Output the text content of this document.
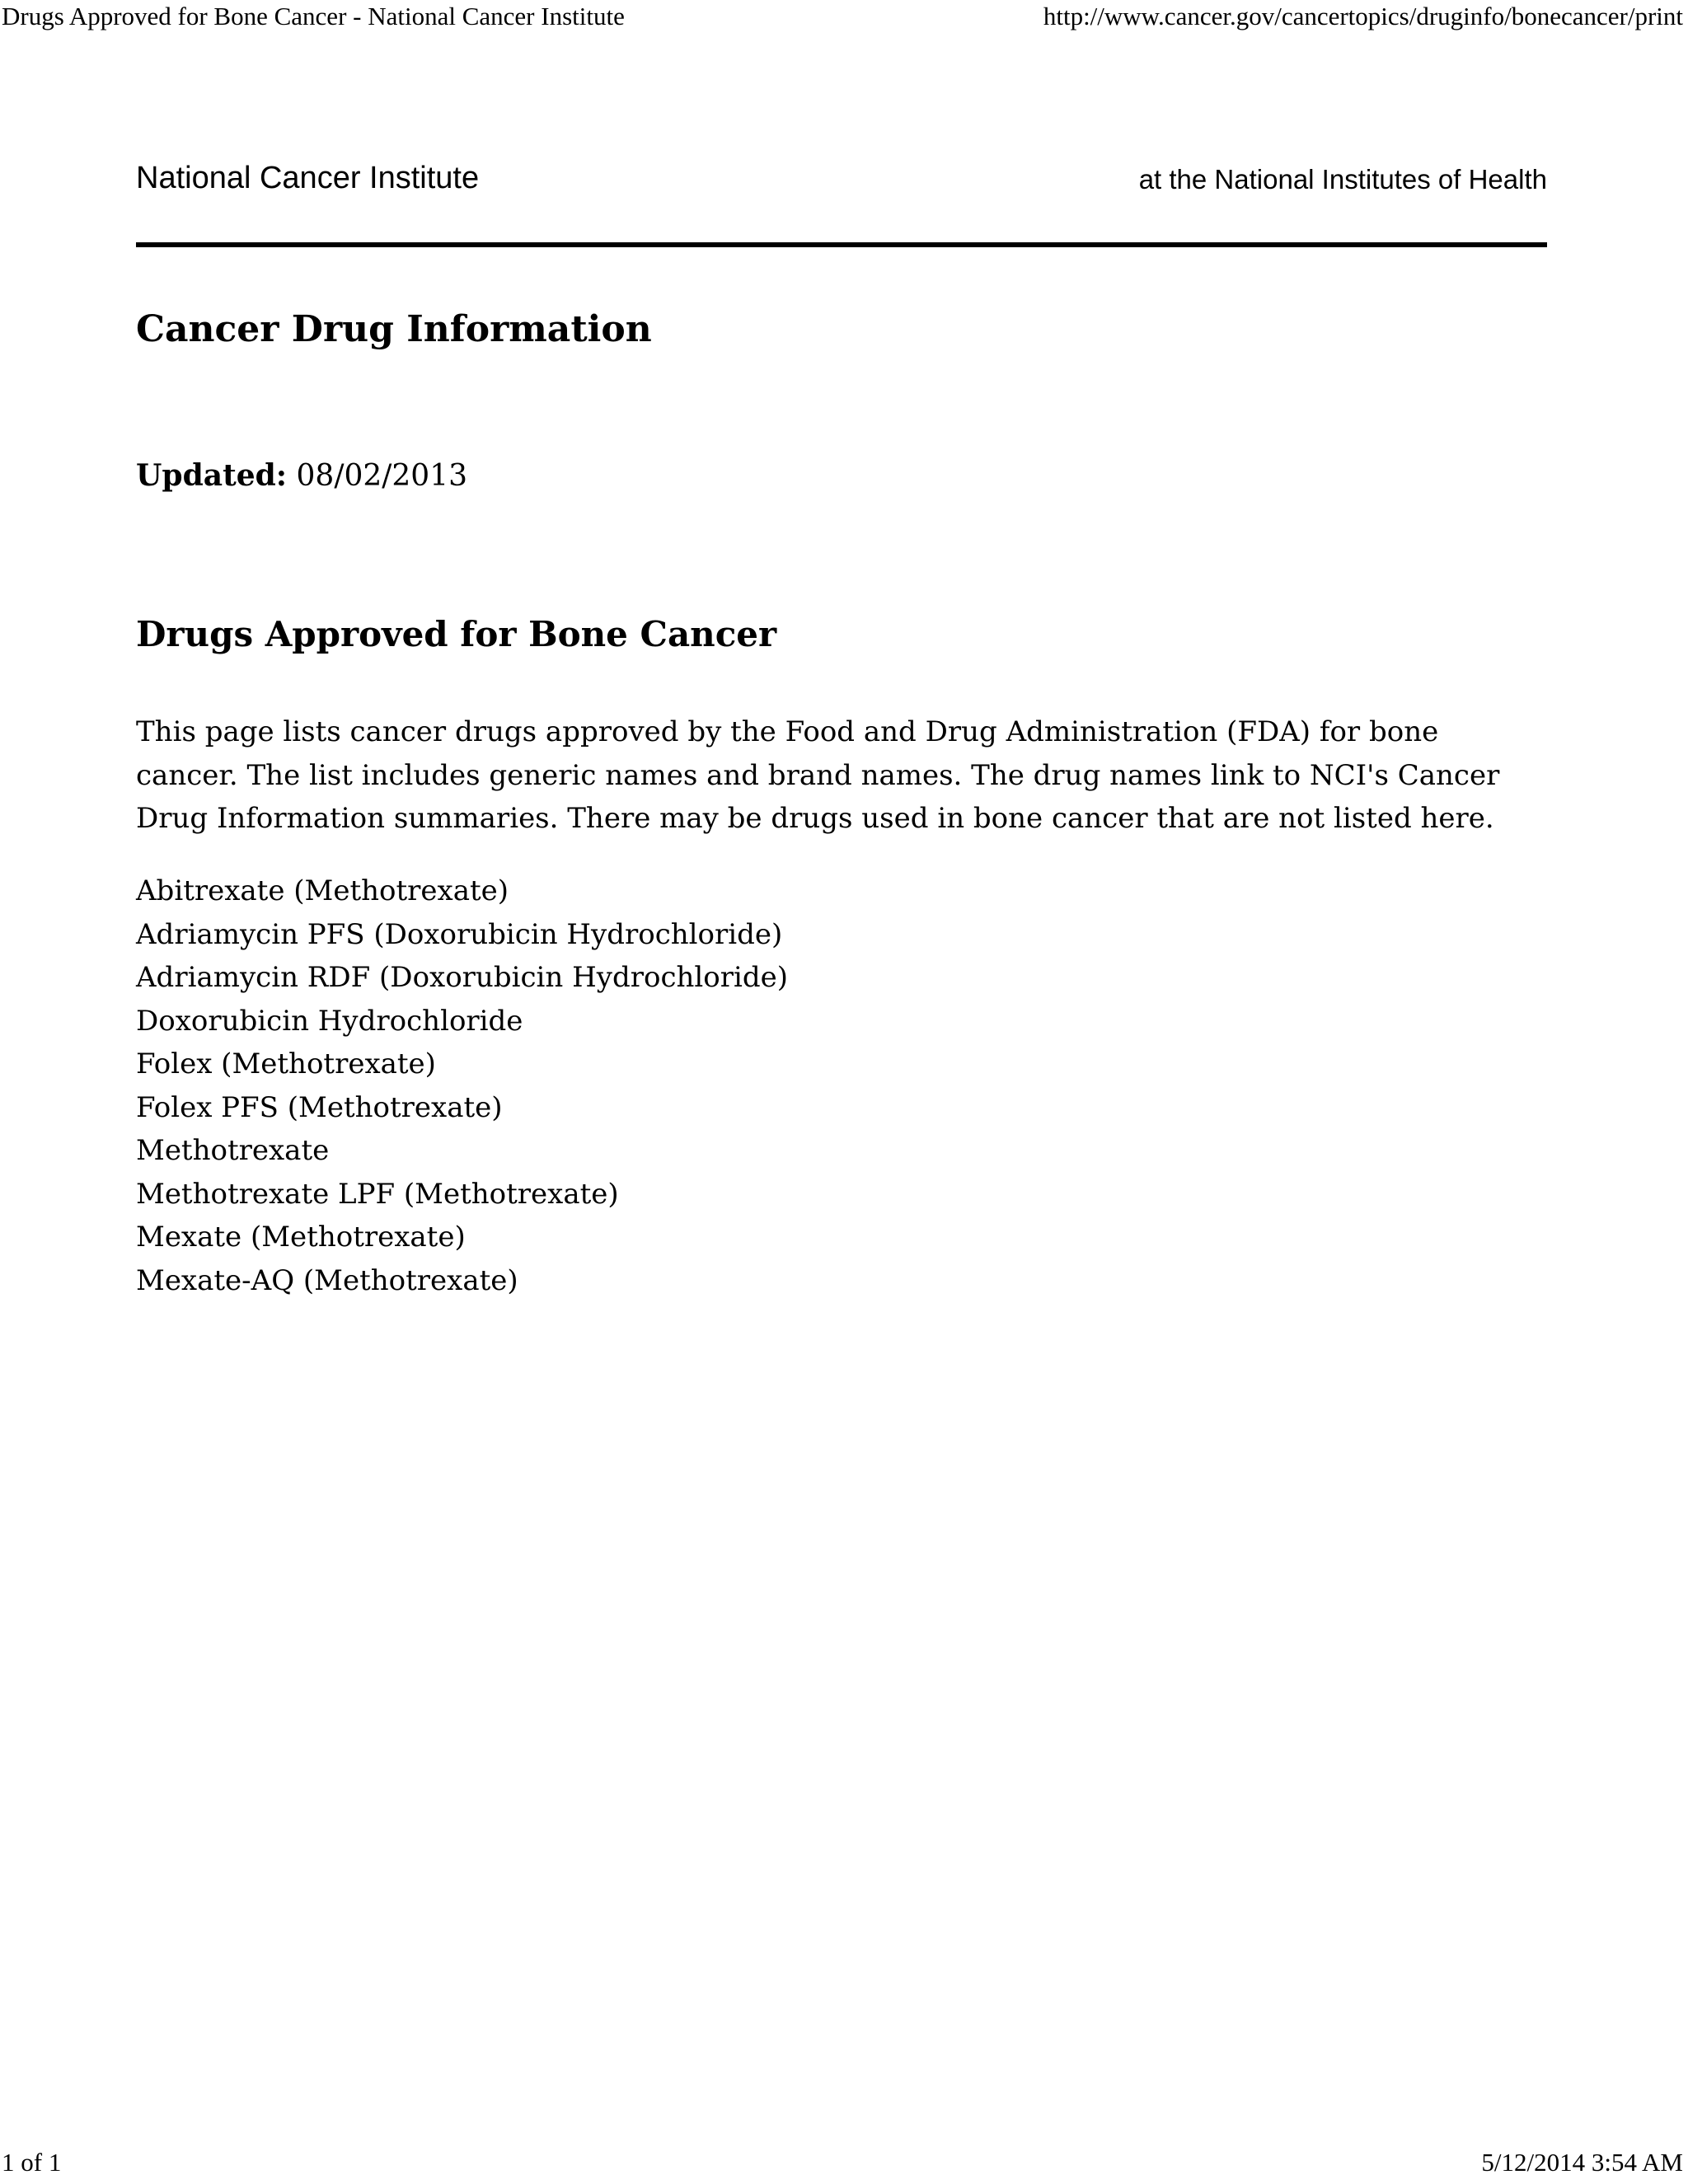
Drugs Approved for Bone Cancer - National Cancer Institute	http://www.cancer.gov/cancertopics/druginfo/bonecancer/print
National Cancer Institute	at the National Institutes of Health
Cancer Drug Information

Updated: 08/02/2013

Drugs Approved for Bone Cancer

This page lists cancer drugs approved by the Food and Drug Administration (FDA) for bone cancer. The list includes generic names and brand names. The drug names link to NCI's Cancer Drug Information summaries. There may be drugs used in bone cancer that are not listed here.

Abitrexate (Methotrexate)
Adriamycin PFS (Doxorubicin Hydrochloride)
Adriamycin RDF (Doxorubicin Hydrochloride)
Doxorubicin Hydrochloride
Folex (Methotrexate)
Folex PFS (Methotrexate)
Methotrexate
Methotrexate LPF (Methotrexate)
Mexate (Methotrexate)
Mexate-AQ (Methotrexate)
1 of 1	5/12/2014 3:54 AM
